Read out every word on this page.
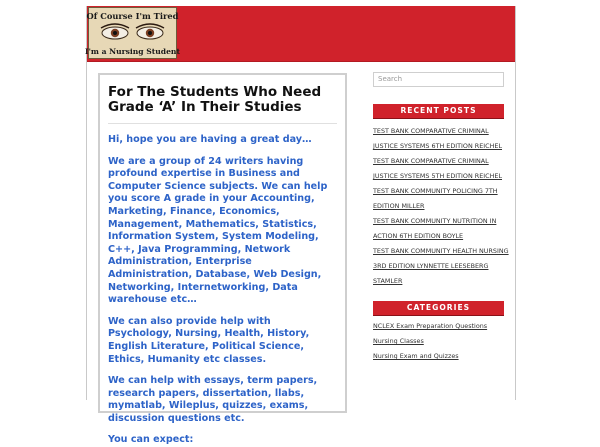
Of Course I'm Tired
I'm a Nursing Student
For The Students Who Need
Grade ‘A’ In Their Studies

Hi, hope you are having a great day…

We are a group of 24 writers having profound expertise in Business and Computer Science subjects. We can help you score A grade in your Accounting, Marketing, Finance, Economics, Management, Mathematics, Statistics, Information System, System Modeling, C++, Java Programming, Network Administration, Enterprise Administration, Database, Web Design, Networking, Internetworking, Data warehouse etc…

We can also provide help with Psychology, Nursing, Health, History, English Literature, Political Science, Ethics, Humanity etc classes.

We can help with essays, term papers, research papers, dissertation, llabs, mymatlab, Wileplus, quizzes, exams, discussion questions etc.

You can expect:

Search
RECENT POSTS
TEST BANK COMPARATIVE CRIMINAL
JUSTICE SYSTEMS 6TH EDITION REICHEL
TEST BANK COMPARATIVE CRIMINAL
JUSTICE SYSTEMS 5TH EDITION REICHEL
TEST BANK COMMUNITY POLICING 7TH
EDITION MILLER
TEST BANK COMMUNITY NUTRITION IN
ACTION 6TH EDITION BOYLE
TEST BANK COMMUNITY HEALTH NURSING
3RD EDITION LYNNETTE LEESEBERG
STAMLER
CATEGORIES
NCLEX Exam Preparation Questions
Nursing Classes
Nursing Exam and Quizzes
